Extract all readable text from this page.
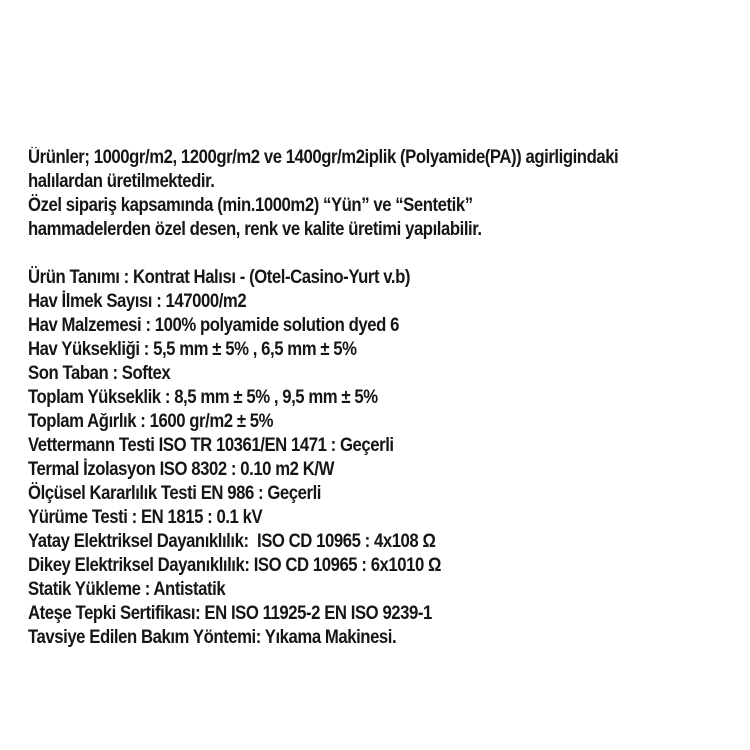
Ürünler; 1000gr/m2, 1200gr/m2 ve 1400gr/m2iplik (Polyamide(PA)) agirligindaki
halılardan üretilmektedir.
Özel sipariş kapsamında (min.1000m2) “Yün” ve “Sentetik”
hammadelerden özel desen, renk ve kalite üretimi yapılabilir.
Ürün Tanımı : Kontrat Halısı - (Otel-Casino-Yurt v.b)
Hav İlmek Sayısı : 147000/m2
Hav Malzemesi : 100% polyamide solution dyed 6
Hav Yüksekliği : 5,5 mm ± 5% , 6,5 mm ± 5%
Son Taban : Softex
Toplam Yükseklik : 8,5 mm ± 5% , 9,5 mm ± 5%
Toplam Ağırlık : 1600 gr/m2 ± 5%
Vettermann Testi ISO TR 10361/EN 1471 : Geçerli
Termal İzolasyon ISO 8302 : 0.10 m2 K/W
Ölçüsel Kararlılık Testi EN 986 : Geçerli
Yürüme Testi : EN 1815 : 0.1 kV
Yatay Elektriksel Dayanıklılık:  ISO CD 10965 : 4x108 Ω
Dikey Elektriksel Dayanıklılık: ISO CD 10965 : 6x1010 Ω
Statik Yükleme : Antistatik
Ateşe Tepki Sertifikası: EN ISO 11925-2 EN ISO 9239-1
Tavsiye Edilen Bakım Yöntemi: Yıkama Makinesi.
